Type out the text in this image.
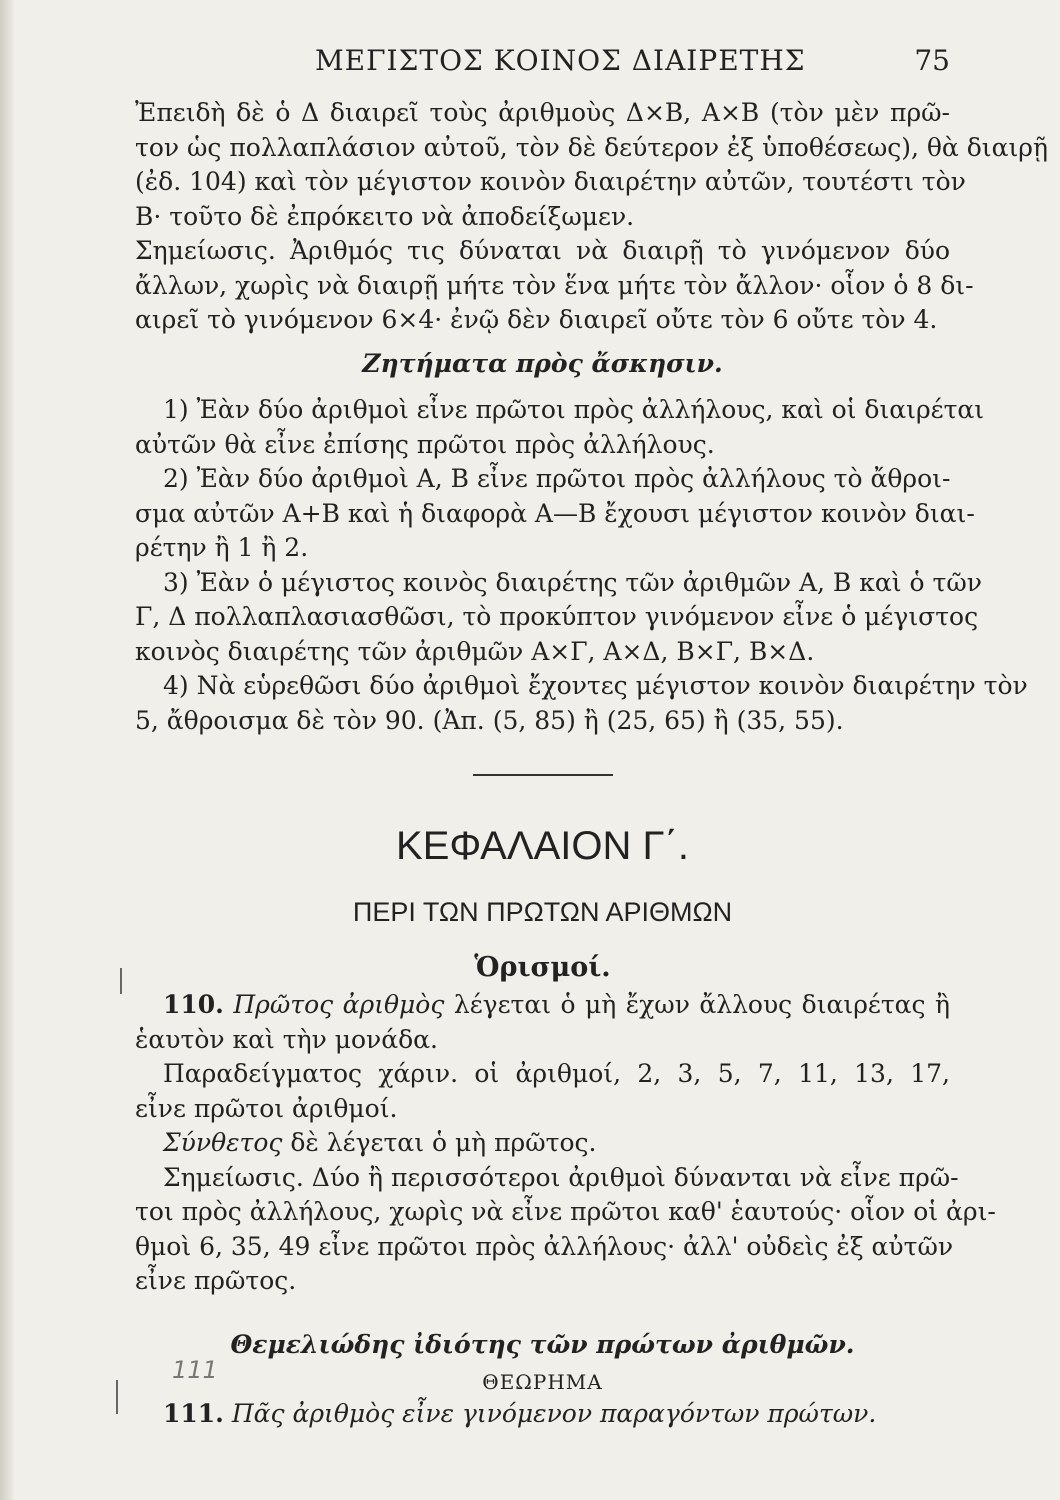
ΜΕΓΙΣΤΟΣ ΚΟΙΝΟΣ ΔΙΑΙΡΕΤΗΣ	75
Ἐπειδὴ δὲ ὁ Δ διαιρεῖ τοὺς ἀριθμοὺς Δ×Β, Α×Β (τὸν μὲν πρῶ-
τον ὡς πολλαπλάσιον αὐτοῦ, τὸν δὲ δεύτερον ἐξ ὑποθέσεως), θὰ διαιρῇ
(ἐδ. 104) καὶ τὸν μέγιστον κοινὸν διαιρέτην αὐτῶν, τουτέστι τὸν
Β· τοῦτο δὲ ἐπρόκειτο νὰ ἀποδείξωμεν.
Σημείωσις. Ἀριθμός τις δύναται νὰ διαιρῇ τὸ γινόμενον δύο
ἄλλων, χωρὶς νὰ διαιρῇ μήτε τὸν ἕνα μήτε τὸν ἄλλον· οἷον ὁ 8 δι-
αιρεῖ τὸ γινόμενον 6×4· ἐνῷ δὲν διαιρεῖ οὔτε τὸν 6 οὔτε τὸν 4.
Ζητήματα πρὸς ἄσκησιν.
1) Ἐὰν δύο ἀριθμοὶ εἶνε πρῶτοι πρὸς ἀλλήλους, καὶ οἱ διαιρέται
αὐτῶν θὰ εἶνε ἐπίσης πρῶτοι πρὸς ἀλλήλους.
2) Ἐὰν δύο ἀριθμοὶ Α, Β εἶνε πρῶτοι πρὸς ἀλλήλους τὸ ἄθροι-
σμα αὐτῶν Α+Β καὶ ἡ διαφορὰ Α—Β ἔχουσι μέγιστον κοινὸν διαι-
ρέτην ἢ 1 ἢ 2.
3) Ἐὰν ὁ μέγιστος κοινὸς διαιρέτης τῶν ἀριθμῶν Α, Β καὶ ὁ τῶν
Γ, Δ πολλαπλασιασθῶσι, τὸ προκύπτον γινόμενον εἶνε ὁ μέγιστος
κοινὸς διαιρέτης τῶν ἀριθμῶν Α×Γ, Α×Δ, Β×Γ, Β×Δ.
4) Νὰ εὑρεθῶσι δύο ἀριθμοὶ ἔχοντες μέγιστον κοινὸν διαιρέτην τὸν
5, ἄθροισμα δὲ τὸν 90. (Ἀπ. (5, 85) ἢ (25, 65) ἢ (35, 55).
ΚΕΦΑΛΑΙΟΝ Γ΄.
ΠΕΡΙ ΤΩΝ ΠΡΩΤΩΝ ΑΡΙΘΜΩΝ
Ὁρισμοί.
110. Πρῶτος ἀριθμὸς λέγεται ὁ μὴ ἔχων ἄλλους διαιρέτας ἢ
ἑαυτὸν καὶ τὴν μονάδα.
Παραδείγματος χάριν. οἱ ἀριθμοί, 2, 3, 5, 7, 11, 13, 17,
εἶνε πρῶτοι ἀριθμοί.
Σύνθετος δὲ λέγεται ὁ μὴ πρῶτος.
Σημείωσις. Δύο ἢ περισσότεροι ἀριθμοὶ δύνανται νὰ εἶνε πρῶ-
τοι πρὸς ἀλλήλους, χωρὶς νὰ εἶνε πρῶτοι καθ' ἑαυτούς· οἷον οἱ ἀρι-
θμοὶ 6, 35, 49 εἶνε πρῶτοι πρὸς ἀλλήλους· ἀλλ' οὐδεὶς ἐξ αὐτῶν
εἶνε πρῶτος.
Θεμελιώδης ἰδιότης τῶν πρώτων ἀριθμῶν.
ΘΕΩΡΗΜΑ
111. Πᾶς ἀριθμὸς εἶνε γινόμενον παραγόντων πρώτων.
111
